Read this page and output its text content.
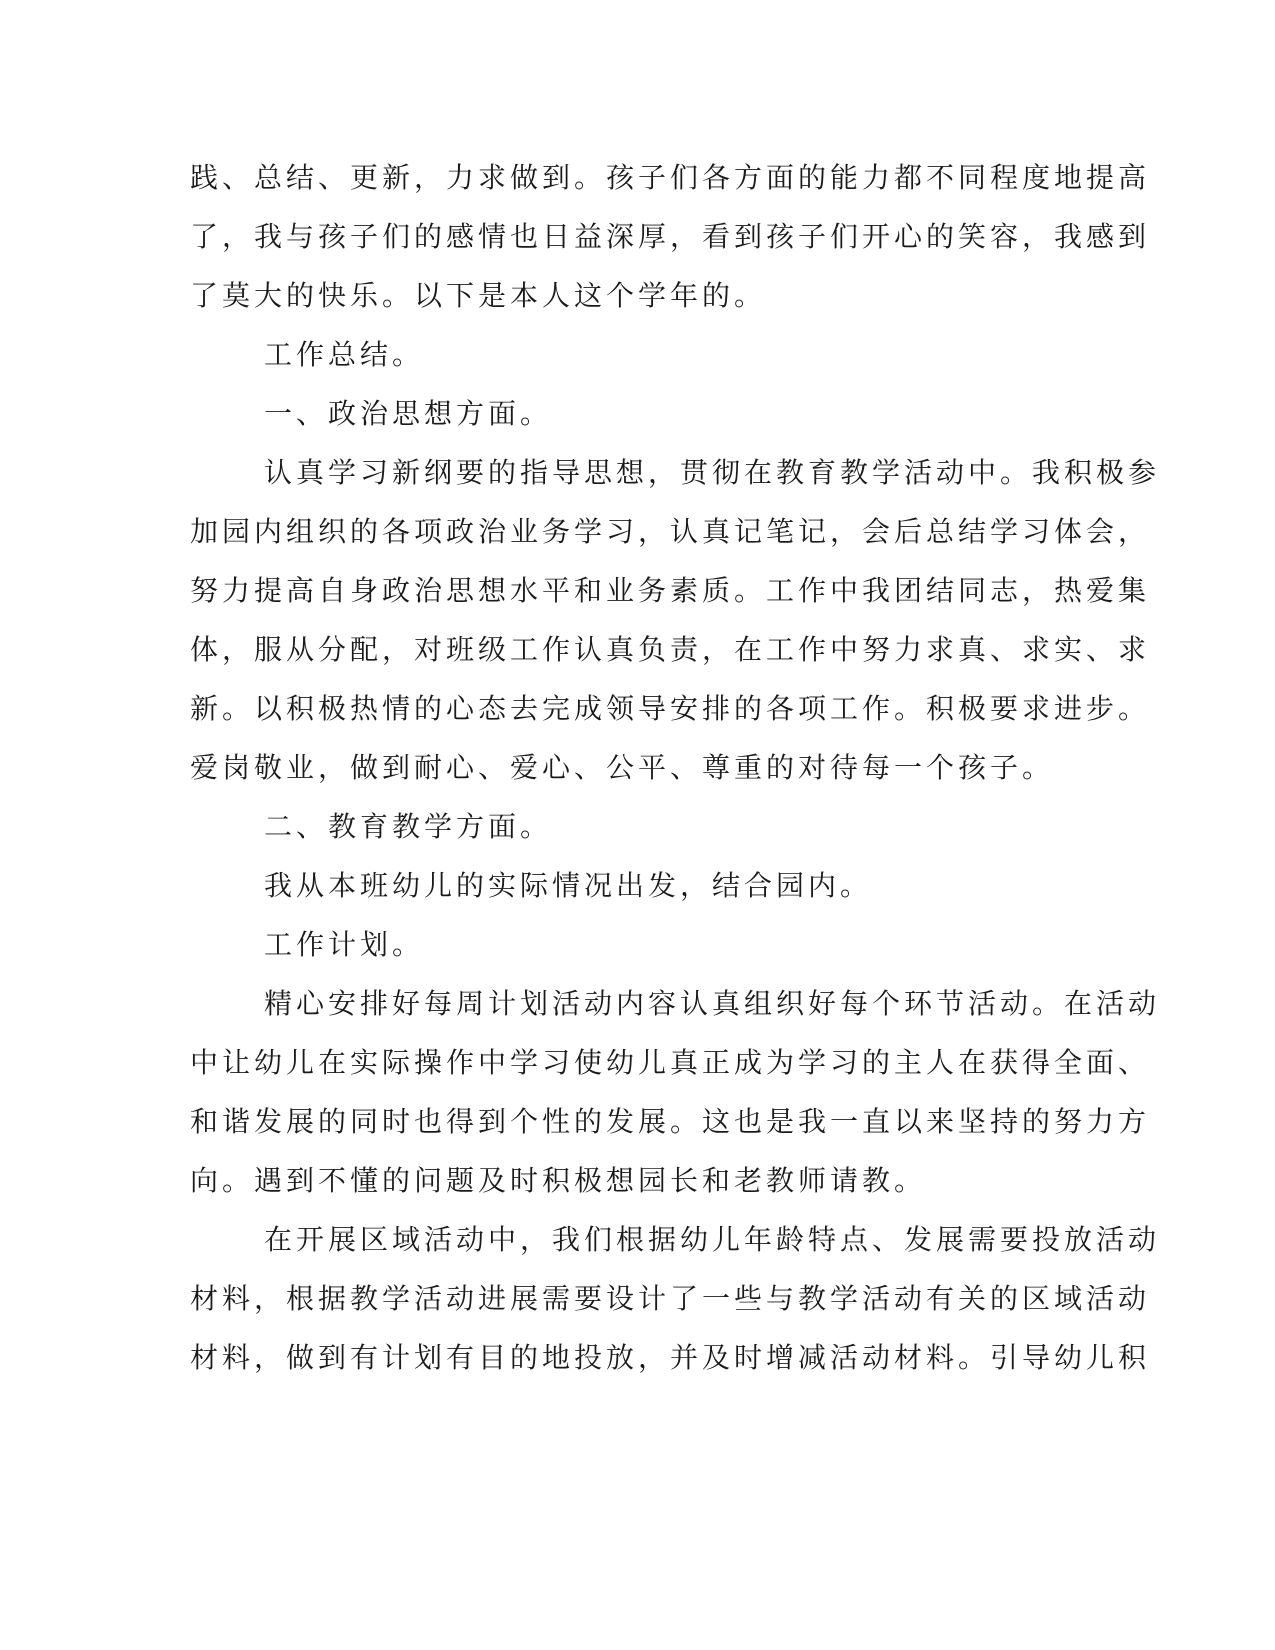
践、总结、更新，力求做到。孩子们各方面的能力都不同程度地提高

了，我与孩子们的感情也日益深厚，看到孩子们开心的笑容，我感到

了莫大的快乐。以下是本人这个学年的。

工作总结。

一、政治思想方面。

认真学习新纲要的指导思想，贯彻在教育教学活动中。我积极参

加园内组织的各项政治业务学习，认真记笔记，会后总结学习体会，

努力提高自身政治思想水平和业务素质。工作中我团结同志，热爱集

体，服从分配，对班级工作认真负责，在工作中努力求真、求实、求

新。以积极热情的心态去完成领导安排的各项工作。积极要求进步。

爱岗敬业，做到耐心、爱心、公平、尊重的对待每一个孩子。

二、教育教学方面。

我从本班幼儿的实际情况出发，结合园内。

工作计划。

精心安排好每周计划活动内容认真组织好每个环节活动。在活动

中让幼儿在实际操作中学习使幼儿真正成为学习的主人在获得全面、

和谐发展的同时也得到个性的发展。这也是我一直以来坚持的努力方

向。遇到不懂的问题及时积极想园长和老教师请教。

在开展区域活动中，我们根据幼儿年龄特点、发展需要投放活动

材料，根据教学活动进展需要设计了一些与教学活动有关的区域活动

材料，做到有计划有目的地投放，并及时增减活动材料。引导幼儿积
